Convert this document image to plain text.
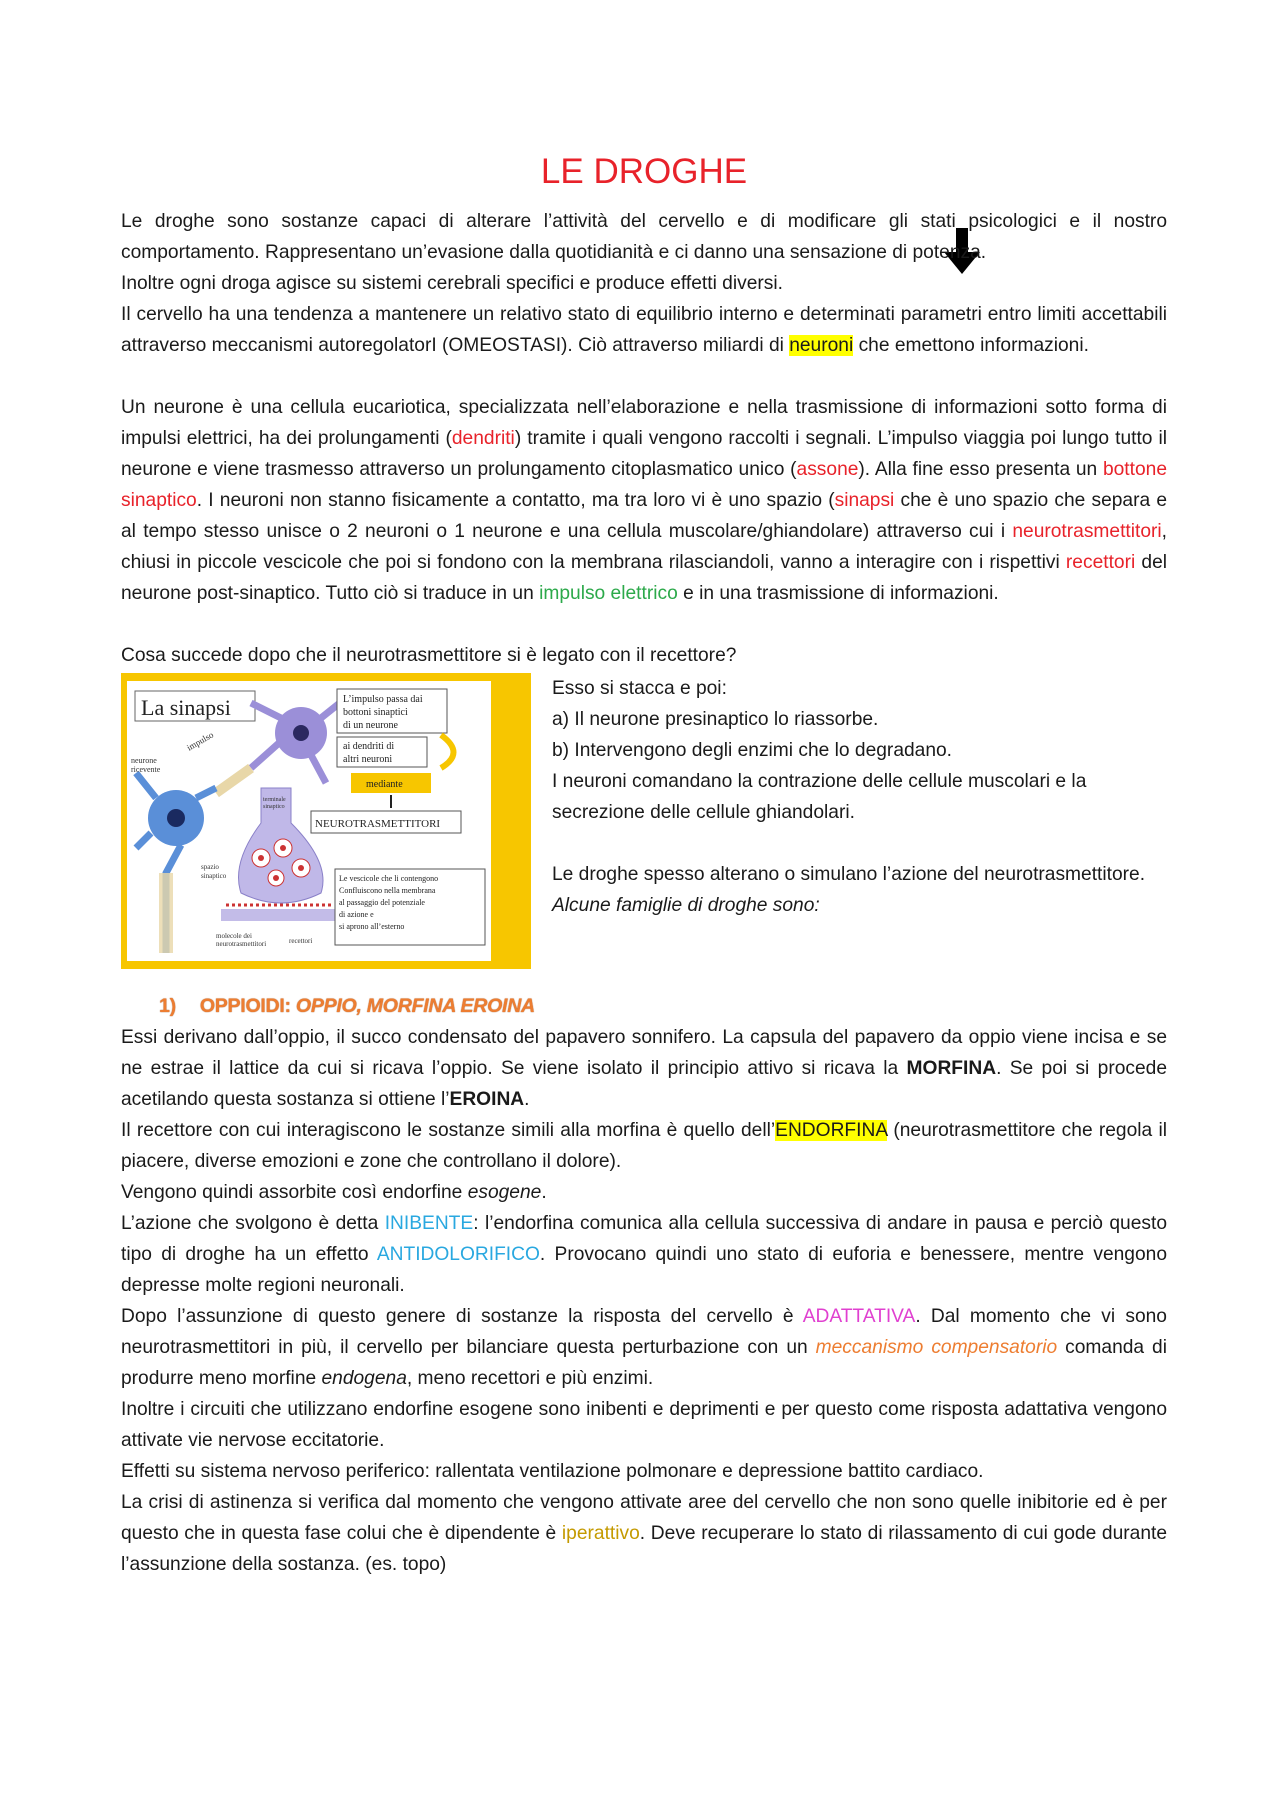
LE DROGHE

Le droghe sono sostanze capaci di alterare l’attività del cervello e di modificare gli stati psicologici e il nostro comportamento. Rappresentano un’evasione dalla quotidianità e ci danno una sensazione di potenza.

Inoltre ogni droga agisce su sistemi cerebrali specifici e produce effetti diversi.

Il cervello ha una tendenza a mantenere un relativo stato di equilibrio interno e determinati parametri entro limiti accettabili attraverso meccanismi autoregolatorI (OMEOSTASI). Ciò attraverso miliardi di neuroni che emettono informazioni.

Un neurone è una cellula eucariotica, specializzata nell’elaborazione e nella trasmissione di informazioni sotto forma di impulsi elettrici, ha dei prolungamenti (dendriti) tramite i quali vengono raccolti i segnali. L’impulso viaggia poi lungo tutto il neurone e viene trasmesso attraverso un prolungamento citoplasmatico unico (assone). Alla fine esso presenta un bottone sinaptico. I neuroni non stanno fisicamente a contatto, ma tra loro vi è uno spazio (sinapsi che è uno spazio che separa e al tempo stesso unisce o 2 neuroni o 1 neurone e una cellula muscolare/ghiandolare) attraverso cui i neurotrasmettitori, chiusi in piccole vescicole che poi si fondono con la membrana rilasciandoli, vanno a interagire con i rispettivi recettori del neurone post-sinaptico. Tutto ciò si traduce in un impulso elettrico e in una trasmissione di informazioni.

Cosa succede dopo che il neurotrasmettitore si è legato con il recettore?

La sinapsi
neurone
ricevente
impulso
L’impulso passa dai
bottoni sinaptici
di un neurone
ai dendriti di
altri neuroni
mediante
NEUROTRASMETTITORI
terminale
sinaptico
spazio
sinaptico
molecole dei
neurotrasmettitori	recettori
Le vescicole che li contengono
Confluiscono nella membrana
al passaggio del potenziale
di azione e
si aprono all’esterno

Esso si stacca e poi:

a) Il neurone presinaptico lo riassorbe.

b) Intervengono degli enzimi che lo degradano.

I neuroni comandano la contrazione delle cellule muscolari e la secrezione delle cellule ghiandolari.

Le droghe spesso alterano o simulano l’azione del neurotrasmettitore.

Alcune famiglie di droghe sono:

1) OPPIOIDI: OPPIO, MORFINA EROINA

Essi derivano dall’oppio, il succo condensato del papavero sonnifero. La capsula del papavero da oppio viene incisa e se ne estrae il lattice da cui si ricava l’oppio. Se viene isolato il principio attivo si ricava la MORFINA. Se poi si procede acetilando questa sostanza si ottiene l’EROINA.

Il recettore con cui interagiscono le sostanze simili alla morfina è quello dell’ENDORFINA (neurotrasmettitore che regola il piacere, diverse emozioni e zone che controllano il dolore).

Vengono quindi assorbite così endorfine esogene.

L’azione che svolgono è detta INIBENTE: l’endorfina comunica alla cellula successiva di andare in pausa e perciò questo tipo di droghe ha un effetto ANTIDOLORIFICO. Provocano quindi uno stato di euforia e benessere, mentre vengono depresse molte regioni neuronali.

Dopo l’assunzione di questo genere di sostanze la risposta del cervello è ADATTATIVA. Dal momento che vi sono neurotrasmettitori in più, il cervello per bilanciare questa perturbazione con un meccanismo compensatorio comanda di produrre meno morfine endogena, meno recettori e più enzimi.

Inoltre i circuiti che utilizzano endorfine esogene sono inibenti e deprimenti e per questo come risposta adattativa vengono attivate vie nervose eccitatorie.

Effetti su sistema nervoso periferico: rallentata ventilazione polmonare e depressione battito cardiaco.

La crisi di astinenza si verifica dal momento che vengono attivate aree del cervello che non sono quelle inibitorie ed è per questo che in questa fase colui che è dipendente è iperattivo. Deve recuperare lo stato di rilassamento di cui gode durante l’assunzione della sostanza. (es. topo)
